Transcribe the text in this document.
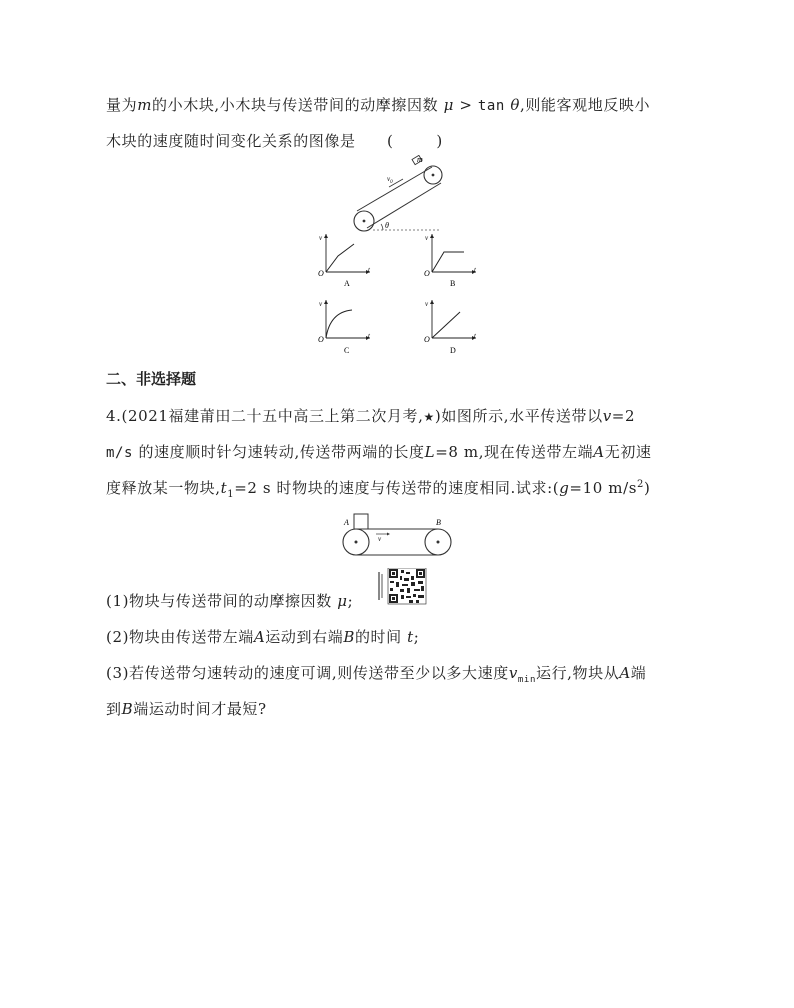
量为m的小木块,小木块与传送带间的动摩擦因数 μ > tan θ,则能客观地反映小
木块的速度随时间变化关系的图像是 (        )
m
$v_0$
θ
v
O	t
A
v
O	t
B
v
O	t
C
v
O	t
D
二、非选择题
4.(2021福建莆田二十五中高三上第二次月考,★)如图所示,水平传送带以v=2
m/s 的速度顺时针匀速转动,传送带两端的长度L=8 m,现在传送带左端A无初速
度释放某一物块$,t_1=2$ s 时物块的速度与传送带的速度相同.试求:(g=10 $m/s^2$)
A	B
v
(1)物块与传送带间的动摩擦因数 μ;
(2)物块由传送带左端A运动到右端B的时间 t;
(3)若传送带匀速转动的速度可调,则传送带至少以多大速度$v_{min}$运行,物块从A端
到B端运动时间才最短?
